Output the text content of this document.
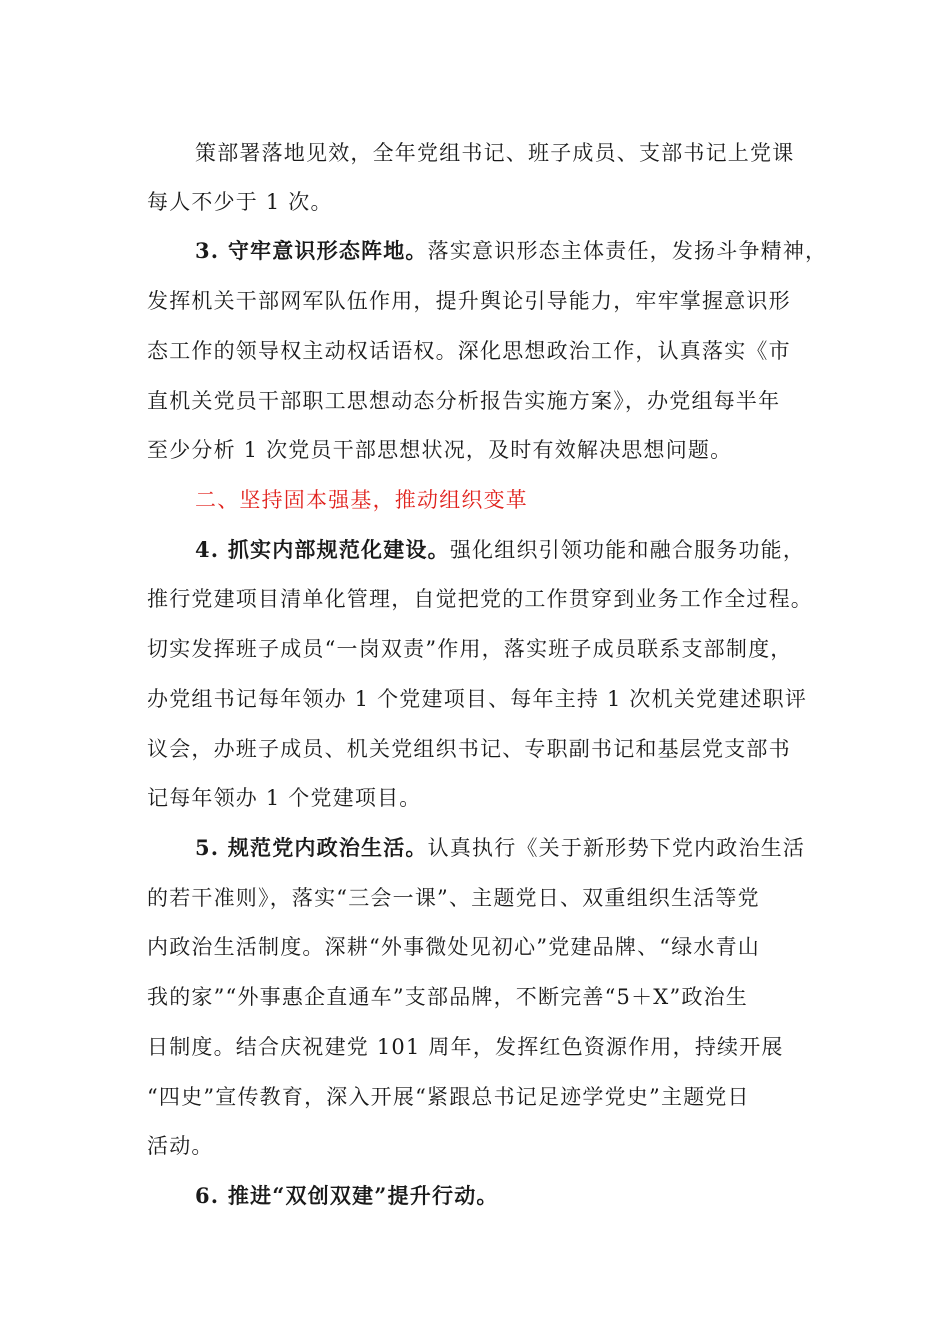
策部署落地见效，全年党组书记、班子成员、支部书记上党课
每人不少于 1 次。
3. 守牢意识形态阵地。落实意识形态主体责任，发扬斗争精神，
发挥机关干部网军队伍作用，提升舆论引导能力，牢牢掌握意识形
态工作的领导权主动权话语权。深化思想政治工作，认真落实《市
直机关党员干部职工思想动态分析报告实施方案》，办党组每半年
至少分析 1 次党员干部思想状况，及时有效解决思想问题。
二、坚持固本强基，推动组织变革
4. 抓实内部规范化建设。强化组织引领功能和融合服务功能，
推行党建项目清单化管理，自觉把党的工作贯穿到业务工作全过程。
切实发挥班子成员“一岗双责”作用，落实班子成员联系支部制度，
办党组书记每年领办 1 个党建项目、每年主持 1 次机关党建述职评
议会，办班子成员、机关党组织书记、专职副书记和基层党支部书
记每年领办 1 个党建项目。
5. 规范党内政治生活。认真执行《关于新形势下党内政治生活
的若干准则》，落实“三会一课”、主题党日、双重组织生活等党
内政治生活制度。深耕“外事微处见初心”党建品牌、“绿水青山
我的家”“外事惠企直通车”支部品牌，不断完善“5＋X”政治生
日制度。结合庆祝建党 101 周年，发挥红色资源作用，持续开展
“四史”宣传教育，深入开展“紧跟总书记足迹学党史”主题党日
活动。
6. 推进“双创双建”提升行动。
